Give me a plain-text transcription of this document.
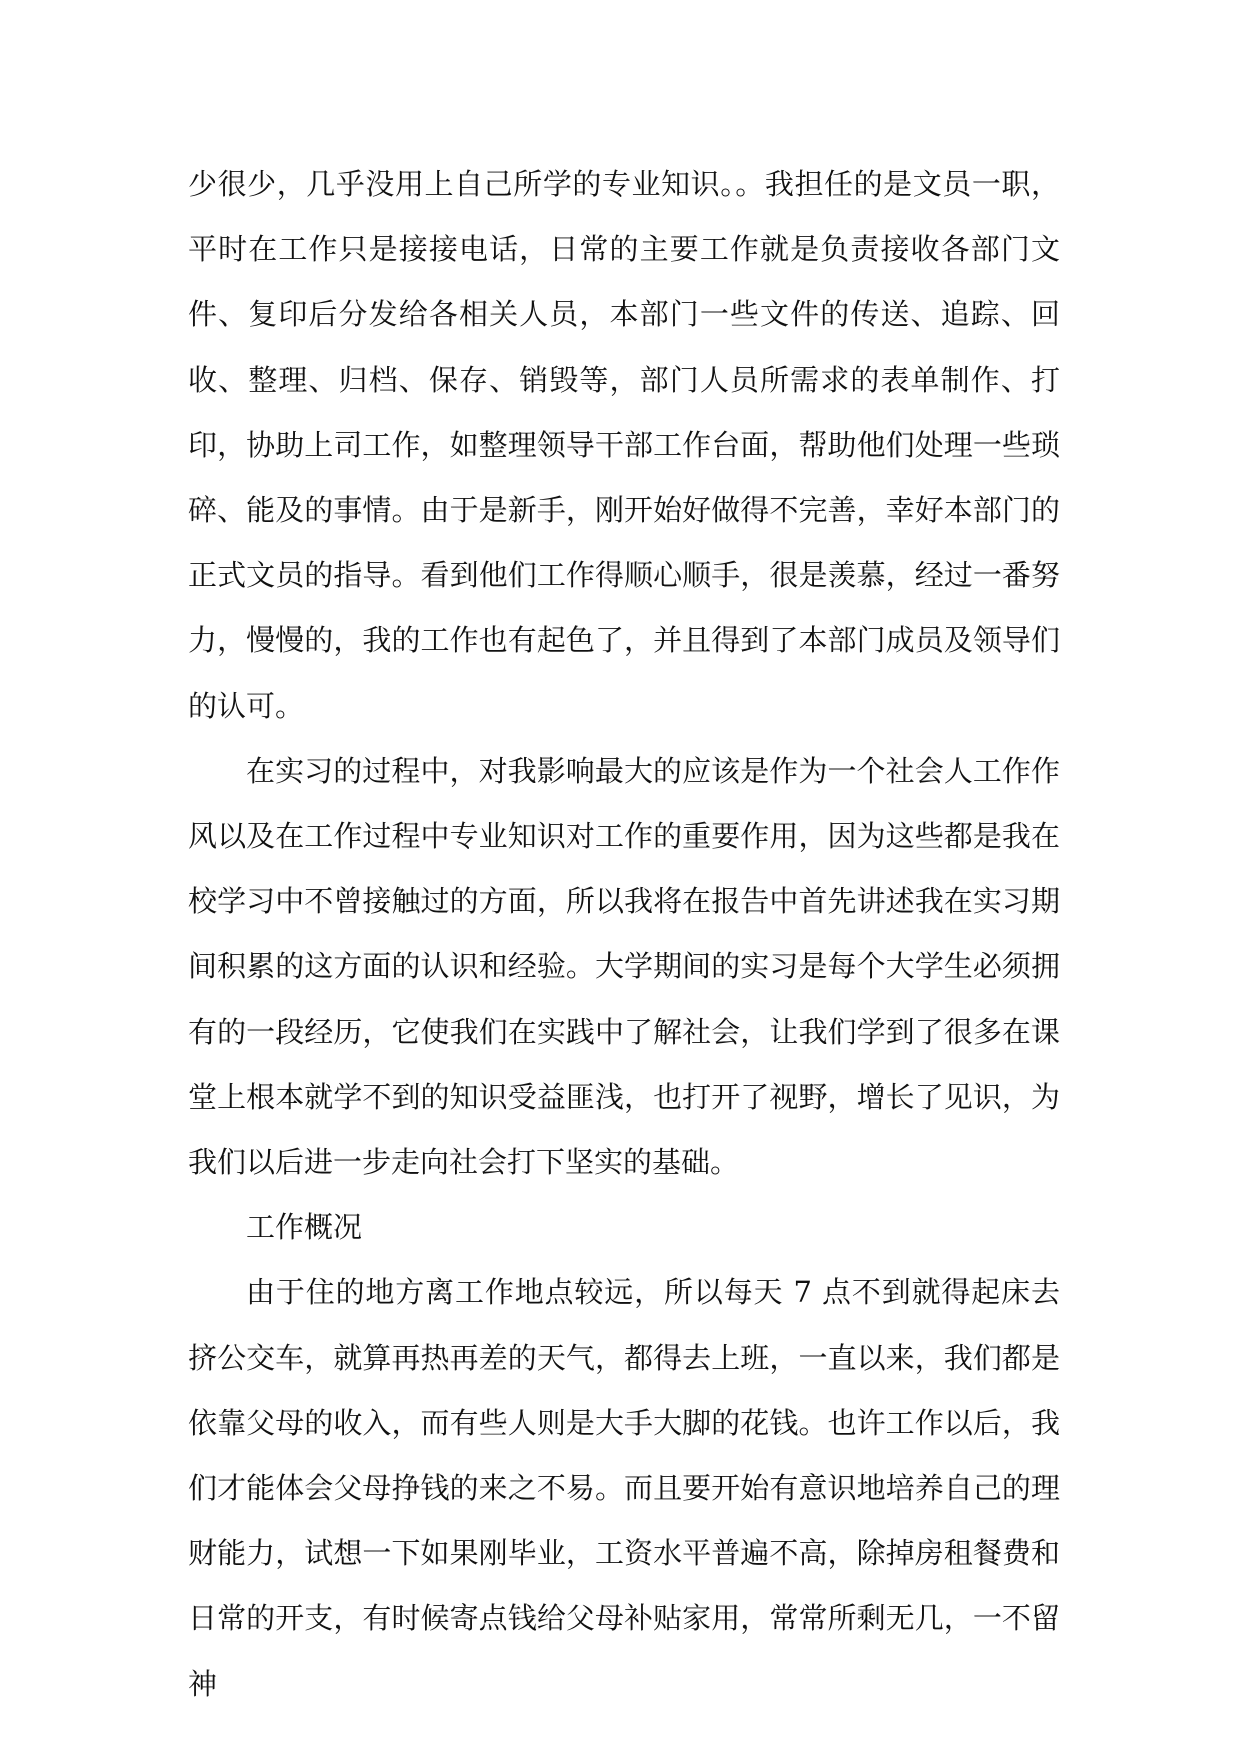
少很少，几乎没用上自己所学的专业知识。。我担任的是文员一职，平时在工作只是接接电话，日常的主要工作就是负责接收各部门文件、复印后分发给各相关人员，本部门一些文件的传送、追踪、回收、整理、归档、保存、销毁等，部门人员所需求的表单制作、打印，协助上司工作，如整理领导干部工作台面，帮助他们处理一些琐碎、能及的事情。由于是新手，刚开始好做得不完善，幸好本部门的正式文员的指导。看到他们工作得顺心顺手，很是羡慕，经过一番努力，慢慢的，我的工作也有起色了，并且得到了本部门成员及领导们的认可。

在实习的过程中，对我影响最大的应该是作为一个社会人工作作风以及在工作过程中专业知识对工作的重要作用，因为这些都是我在校学习中不曾接触过的方面，所以我将在报告中首先讲述我在实习期间积累的这方面的认识和经验。大学期间的实习是每个大学生必须拥有的一段经历，它使我们在实践中了解社会，让我们学到了很多在课堂上根本就学不到的知识受益匪浅，也打开了视野，增长了见识，为我们以后进一步走向社会打下坚实的基础。

工作概况

由于住的地方离工作地点较远，所以每天 7 点不到就得起床去挤公交车，就算再热再差的天气，都得去上班，一直以来，我们都是依靠父母的收入，而有些人则是大手大脚的花钱。也许工作以后，我们才能体会父母挣钱的来之不易。而且要开始有意识地培养自己的理财能力，试想一下如果刚毕业，工资水平普遍不高，除掉房租餐费和日常的开支，有时候寄点钱给父母补贴家用，常常所剩无几，一不留神
